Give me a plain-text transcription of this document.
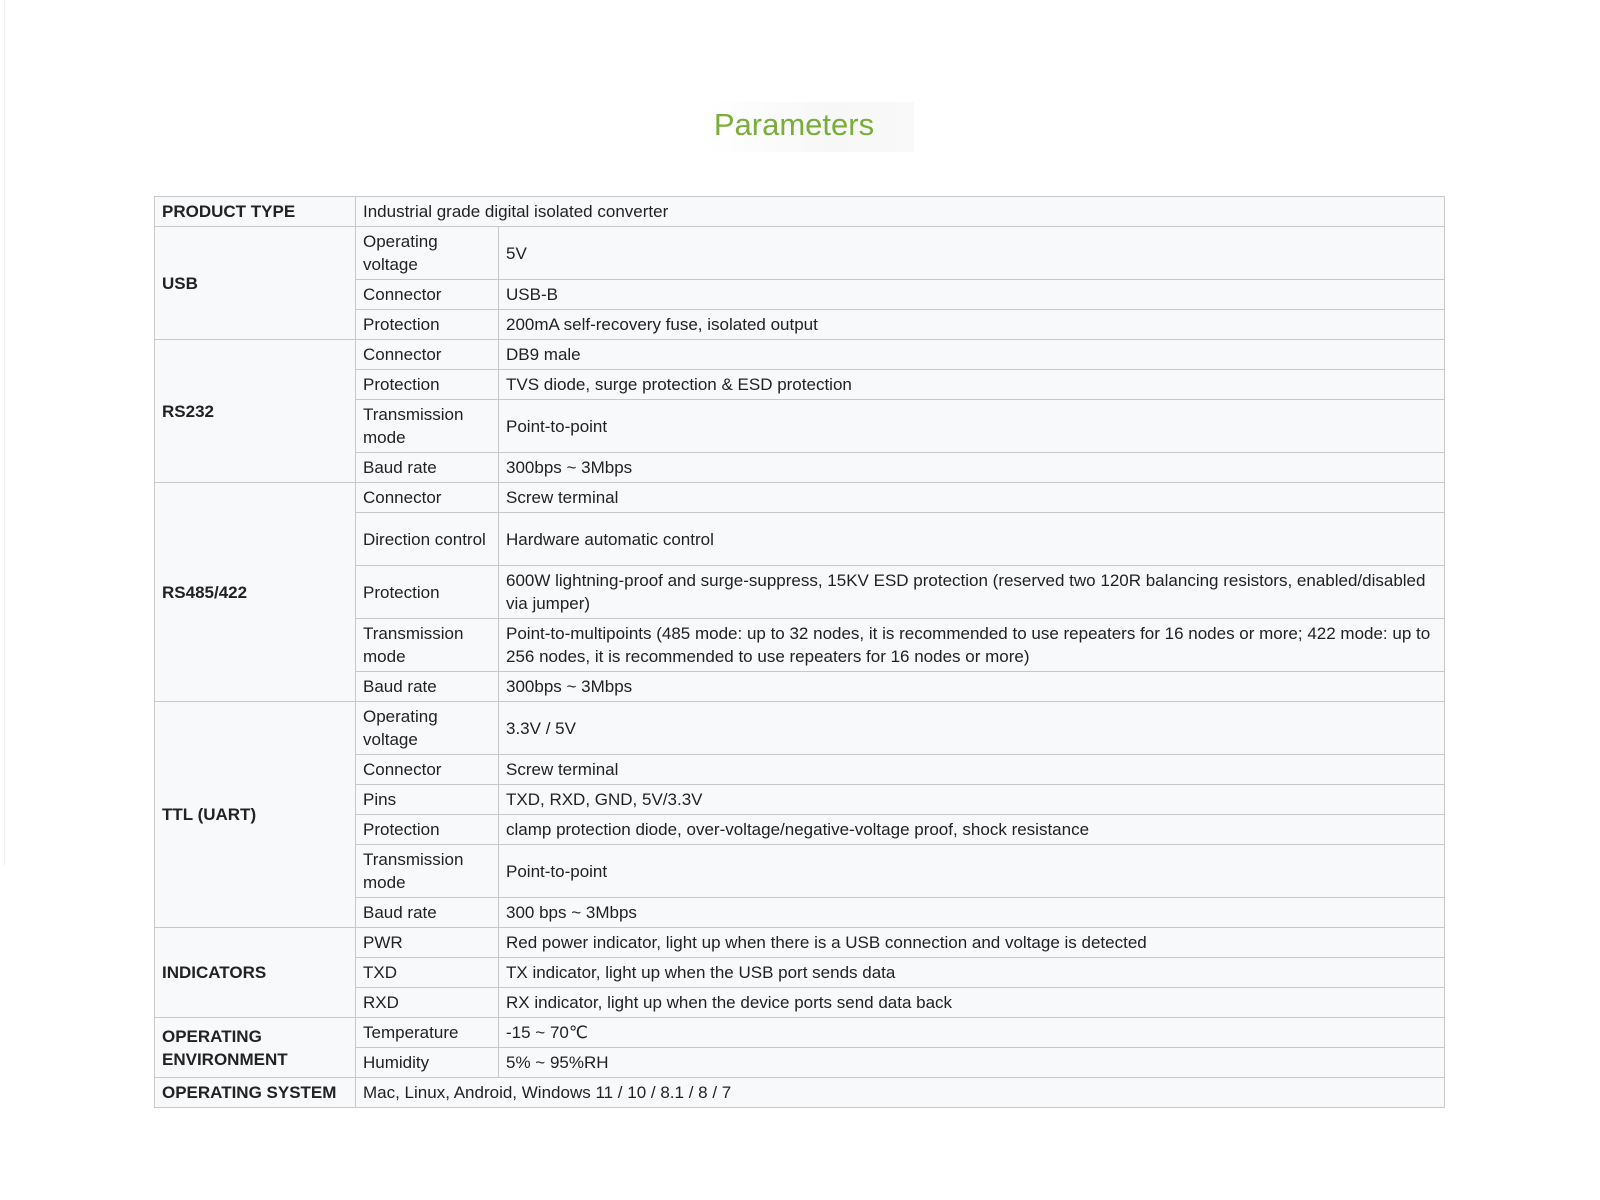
Parameters
PRODUCT TYPE	Industrial grade digital isolated converter	
USB	Operating voltage	5V
	Connector	USB-B
	Protection	200mA self-recovery fuse, isolated output
RS232	Connector	DB9 male
	Protection	TVS diode, surge protection & ESD protection
	Transmission mode	Point-to-point
	Baud rate	300bps ~ 3Mbps
RS485/422	Connector	Screw terminal
	Direction control	Hardware automatic control
	Protection	600W lightning-proof and surge-suppress, 15KV ESD protection (reserved two 120R balancing resistors, enabled/disabled via jumper)
	Transmission mode	Point-to-multipoints (485 mode: up to 32 nodes, it is recommended to use repeaters for 16 nodes or more; 422 mode: up to 256 nodes, it is recommended to use repeaters for 16 nodes or more)
	Baud rate	300bps ~ 3Mbps
TTL (UART)	Operating voltage	3.3V / 5V
	Connector	Screw terminal
	Pins	TXD, RXD, GND, 5V/3.3V
	Protection	clamp protection diode, over-voltage/negative-voltage proof, shock resistance
	Transmission mode	Point-to-point
	Baud rate	300 bps ~ 3Mbps
INDICATORS	PWR	Red power indicator, light up when there is a USB connection and voltage is detected
	TXD	TX indicator, light up when the USB port sends data
	RXD	RX indicator, light up when the device ports send data back
OPERATING ENVIRONMENT	Temperature	-15 ~ 70℃
	Humidity	5% ~ 95%RH
OPERATING SYSTEM	Mac, Linux, Android, Windows 11 / 10 / 8.1 / 8 / 7	
